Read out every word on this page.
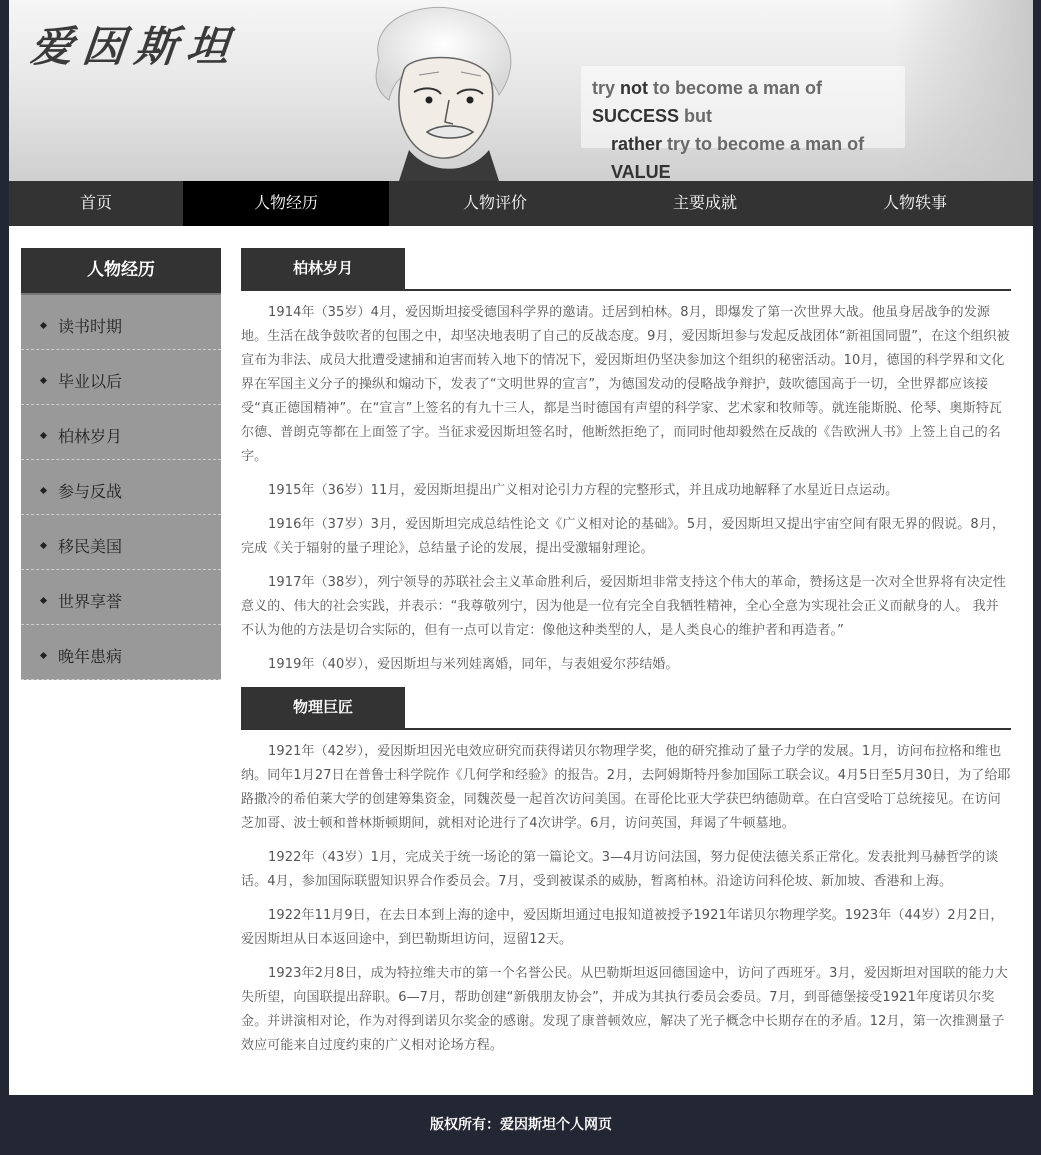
爱因斯坦
try not to become a man of SUCCESS but
rather try to become a man of VALUE
首页	人物经历	人物评价	主要成就	人物轶事
人物经历
读书时期
毕业以后
柏林岁月
参与反战
移民美国
世界享誉
晚年患病
柏林岁月

1914年（35岁）4月，爱因斯坦接受德国科学界的邀请。迁居到柏林。8月，即爆发了第一次世界大战。他虽身居战争的发源地。生活在战争鼓吹者的包围之中，却坚决地表明了自己的反战态度。9月，爱因斯坦参与发起反战团体“新祖国同盟”，在这个组织被宣布为非法、成员大批遭受逮捕和迫害而转入地下的情况下，爱因斯坦仍坚决参加这个组织的秘密活动。10月，德国的科学界和文化界在军国主义分子的操纵和煽动下，发表了“文明世界的宣言”，为德国发动的侵略战争辩护，鼓吹德国高于一切，全世界都应该接受“真正德国精神”。在“宣言”上签名的有九十三人，都是当时德国有声望的科学家、艺术家和牧师等。就连能斯脱、伦琴、奥斯特瓦尔德、普朗克等都在上面签了字。当征求爱因斯坦签名时，他断然拒绝了，而同时他却毅然在反战的《告欧洲人书》上签上自己的名字。

1915年（36岁）11月，爱因斯坦提出广义相对论引力方程的完整形式，并且成功地解释了水星近日点运动。

1916年（37岁）3月，爱因斯坦完成总结性论文《广义相对论的基础》。5月，爱因斯坦又提出宇宙空间有限无界的假说。8月，完成《关于辐射的量子理论》，总结量子论的发展，提出受激辐射理论。

1917年（38岁），列宁领导的苏联社会主义革命胜利后，爱因斯坦非常支持这个伟大的革命，赞扬这是一次对全世界将有决定性意义的、伟大的社会实践，并表示：“我尊敬列宁，因为他是一位有完全自我牺牲精神，全心全意为实现社会正义而献身的人。 我并不认为他的方法是切合实际的，但有一点可以肯定：像他这种类型的人，是人类良心的维护者和再造者。”

1919年（40岁），爱因斯坦与米列娃离婚，同年，与表姐爱尔莎结婚。

物理巨匠

1921年（42岁），爱因斯坦因光电效应研究而获得诺贝尔物理学奖，他的研究推动了量子力学的发展。1月，访问布拉格和维也纳。同年1月27日在普鲁士科学院作《几何学和经验》的报告。2月，去阿姆斯特丹参加国际工联会议。4月5日至5月30日，为了给耶路撒冷的希伯莱大学的创建筹集资金，同魏茨曼一起首次访问美国。在哥伦比亚大学获巴纳德勋章。在白宫受哈丁总统接见。在访问芝加哥、波士顿和普林斯顿期间，就相对论进行了4次讲学。6月，访问英国，拜谒了牛顿墓地。

1922年（43岁）1月，完成关于统一场论的第一篇论文。3—4月访问法国，努力促使法德关系正常化。发表批判马赫哲学的谈话。4月，参加国际联盟知识界合作委员会。7月，受到被谋杀的威胁，暂离柏林。沿途访问科伦坡、新加坡、香港和上海。

1922年11月9日，在去日本到上海的途中，爱因斯坦通过电报知道被授予1921年诺贝尔物理学奖。1923年（44岁）2月2日，爱因斯坦从日本返回途中，到巴勒斯坦访问，逗留12天。

1923年2月8日，成为特拉维夫市的第一个名誉公民。从巴勒斯坦返回德国途中，访问了西班牙。3月，爱因斯坦对国联的能力大失所望，向国联提出辞职。6—7月，帮助创建“新俄朋友协会”，并成为其执行委员会委员。7月，到哥德堡接受1921年度诺贝尔奖金。并讲演相对论，作为对得到诺贝尔奖金的感谢。发现了康普顿效应，解决了光子概念中长期存在的矛盾。12月，第一次推测量子效应可能来自过度约束的广义相对论场方程。

版权所有：爱因斯坦个人网页
